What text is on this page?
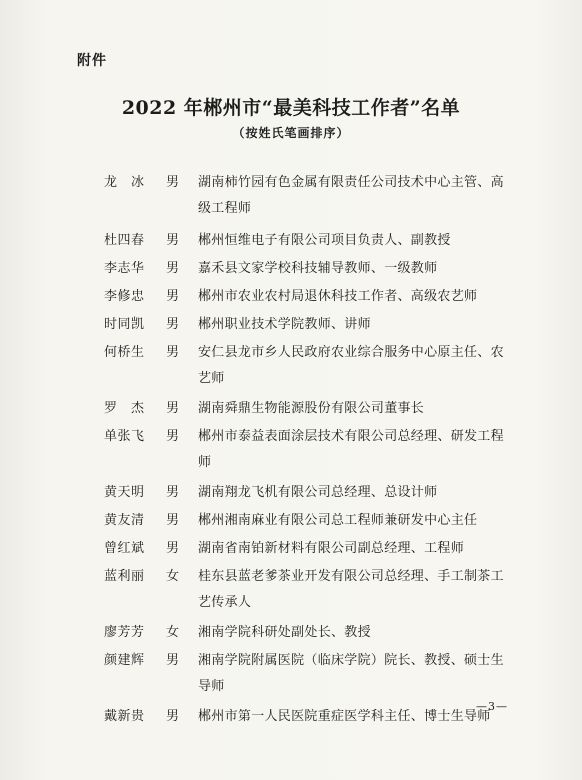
附件
2022 年郴州市“最美科技工作者”名单
（按姓氏笔画排序）
龙　冰	男	湖南柿竹园有色金属有限责任公司技术中心主管、高级工程师
杜四春	男	郴州恒维电子有限公司项目负责人、副教授
李志华	男	嘉禾县文家学校科技辅导教师、一级教师
李修忠	男	郴州市农业农村局退休科技工作者、高级农艺师
时同凯	男	郴州职业技术学院教师、讲师
何桥生	男	安仁县龙市乡人民政府农业综合服务中心原主任、农艺师
罗　杰	男	湖南舜鼎生物能源股份有限公司董事长
单张飞	男	郴州市泰益表面涂层技术有限公司总经理、研发工程师
黄天明	男	湖南翔龙飞机有限公司总经理、总设计师
黄友清	男	郴州湘南麻业有限公司总工程师兼研发中心主任
曾红斌	男	湖南省南铂新材料有限公司副总经理、工程师
蓝利丽	女	桂东县蓝老爹茶业开发有限公司总经理、手工制茶工艺传承人
廖芳芳	女	湘南学院科研处副处长、教授
颜建辉	男	湘南学院附属医院（临床学院）院长、教授、硕士生导师
戴新贵	男	郴州市第一人民医院重症医学科主任、博士生导师
—3—
